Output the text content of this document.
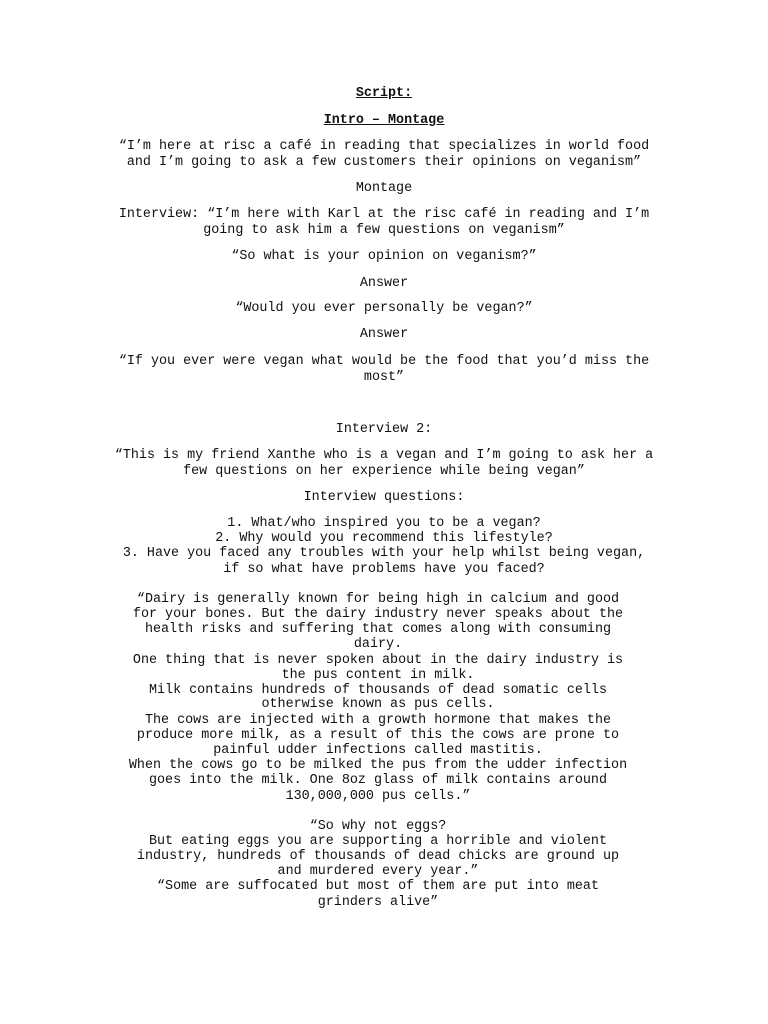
Script:
Intro – Montage
“I’m here at risc a café in reading that specializes in world food
and I’m going to ask a few customers their opinions on veganism”
Montage
Interview: “I’m here with Karl at the risc café in reading and I’m
going to ask him a few questions on veganism”
“So what is your opinion on veganism?”
Answer
“Would you ever personally be vegan?”
Answer
“If you ever were vegan what would be the food that you’d miss the
most”
Interview 2:
“This is my friend Xanthe who is a vegan and I’m going to ask her a
few questions on her experience while being vegan”
Interview questions:
1. What/who inspired you to be a vegan?
2. Why would you recommend this lifestyle?
3. Have you faced any troubles with your help whilst being vegan,
if so what have problems have you faced?
“Dairy is generally known for being high in calcium and good
for your bones. But the dairy industry never speaks about the
health risks and suffering that comes along with consuming
dairy.
One thing that is never spoken about in the dairy industry is
the pus content in milk.
Milk contains hundreds of thousands of dead somatic cells
otherwise known as pus cells.
The cows are injected with a growth hormone that makes the
produce more milk, as a result of this the cows are prone to
painful udder infections called mastitis.
When the cows go to be milked the pus from the udder infection
goes into the milk. One 8oz glass of milk contains around
130,000,000 pus cells.”
“So why not eggs?
But eating eggs you are supporting a horrible and violent
industry, hundreds of thousands of dead chicks are ground up
and murdered every year.”
“Some are suffocated but most of them are put into meat
grinders alive”
